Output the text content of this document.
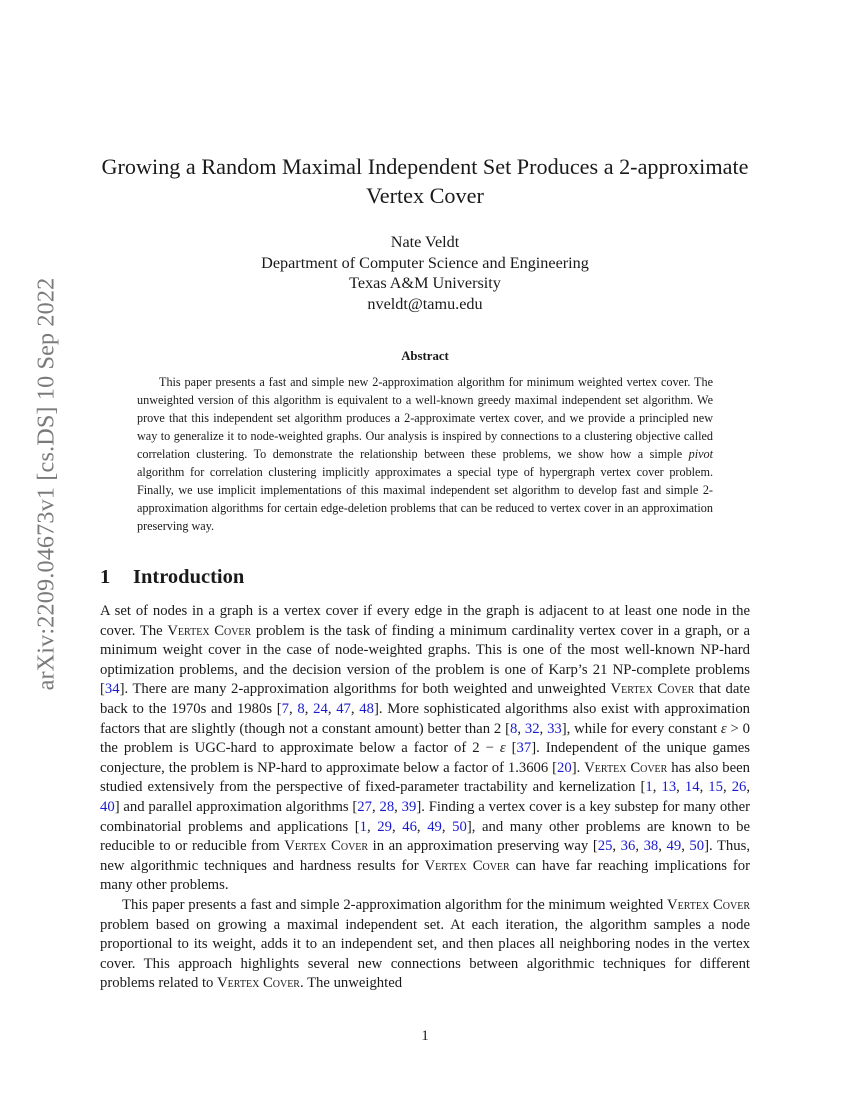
arXiv:2209.04673v1 [cs.DS] 10 Sep 2022
Growing a Random Maximal Independent Set Produces a 2-approximate Vertex Cover
Nate Veldt
Department of Computer Science and Engineering
Texas A&M University
nveldt@tamu.edu
Abstract

This paper presents a fast and simple new 2-approximation algorithm for minimum weighted vertex cover. The unweighted version of this algorithm is equivalent to a well-known greedy maximal independent set algorithm. We prove that this independent set algorithm produces a 2-approximate vertex cover, and we provide a principled new way to generalize it to node-weighted graphs. Our analysis is inspired by connections to a clustering objective called correlation clustering. To demonstrate the relationship between these problems, we show how a simple pivot algorithm for correlation clustering implicitly approximates a special type of hypergraph vertex cover problem. Finally, we use implicit implementations of this maximal independent set algorithm to develop fast and simple 2-approximation algorithms for certain edge-deletion problems that can be reduced to vertex cover in an approximation preserving way.

1 Introduction

A set of nodes in a graph is a vertex cover if every edge in the graph is adjacent to at least one node in the cover. The Vertex Cover problem is the task of finding a minimum cardinality vertex cover in a graph, or a minimum weight cover in the case of node-weighted graphs. This is one of the most well-known NP-hard optimization problems, and the decision version of the problem is one of Karp’s 21 NP-complete problems [34]. There are many 2-approximation algorithms for both weighted and unweighted Vertex Cover that date back to the 1970s and 1980s [7, 8, 24, 47, 48]. More sophisticated algorithms also exist with approximation factors that are slightly (though not a constant amount) better than 2 [8, 32, 33], while for every constant ε > 0 the problem is UGC-hard to approximate below a factor of 2 − ε [37]. Independent of the unique games conjecture, the problem is NP-hard to approximate below a factor of 1.3606 [20]. Vertex Cover has also been studied extensively from the perspective of fixed-parameter tractability and kernelization [1, 13, 14, 15, 26, 40] and parallel approximation algorithms [27, 28, 39]. Finding a vertex cover is a key substep for many other combinatorial problems and applications [1, 29, 46, 49, 50], and many other problems are known to be reducible to or reducible from Vertex Cover in an approximation preserving way [25, 36, 38, 49, 50]. Thus, new algorithmic techniques and hardness results for Vertex Cover can have far reaching implications for many other problems.

This paper presents a fast and simple 2-approximation algorithm for the minimum weighted Vertex Cover problem based on growing a maximal independent set. At each iteration, the algorithm samples a node proportional to its weight, adds it to an independent set, and then places all neighboring nodes in the vertex cover. This approach highlights several new connections between algorithmic techniques for different problems related to Vertex Cover. The unweighted

1
